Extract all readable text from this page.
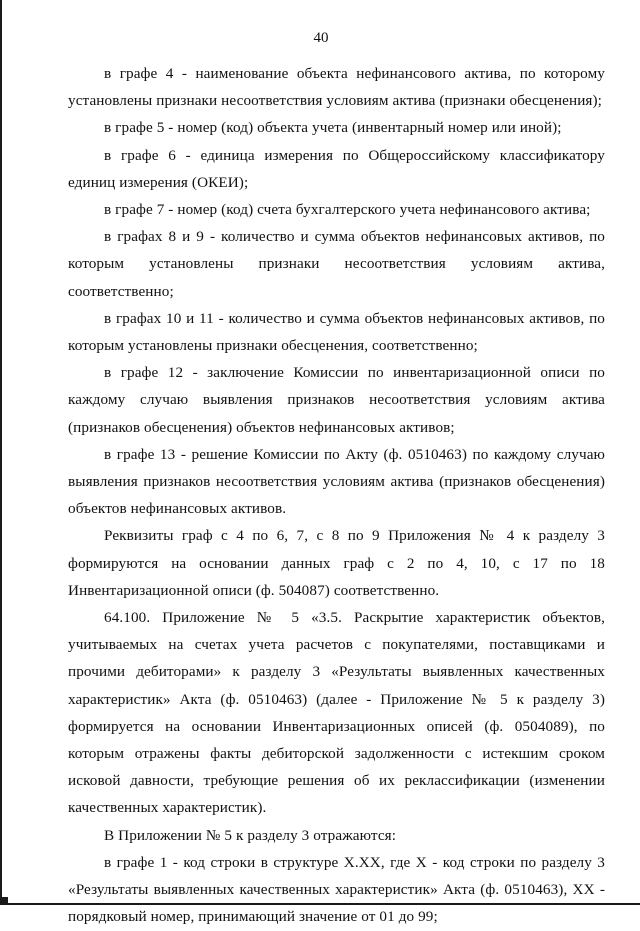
40

в графе 4 - наименование объекта нефинансового актива, по которому установлены признаки несоответствия условиям актива (признаки обесценения);

в графе 5 - номер (код) объекта учета (инвентарный номер или иной);

в графе 6 - единица измерения по Общероссийскому классификатору единиц измерения (ОКЕИ);

в графе 7 - номер (код) счета бухгалтерского учета нефинансового актива;

в графах 8 и 9 - количество и сумма объектов нефинансовых активов, по которым установлены признаки несоответствия условиям актива, соответственно;

в графах 10 и 11 - количество и сумма объектов нефинансовых активов, по которым установлены признаки обесценения, соответственно;

в графе 12 - заключение Комиссии по инвентаризационной описи по каждому случаю выявления признаков несоответствия условиям актива (признаков обесценения) объектов нефинансовых активов;

в графе 13 - решение Комиссии по Акту (ф. 0510463) по каждому случаю выявления признаков несоответствия условиям актива (признаков обесценения) объектов нефинансовых активов.

Реквизиты граф с 4 по 6, 7, с 8 по 9 Приложения № 4 к разделу 3 формируются на основании данных граф с 2 по 4, 10, с 17 по 18 Инвентаризационной описи (ф. 504087) соответственно.

64.100. Приложение № 5 «3.5. Раскрытие характеристик объектов, учитываемых на счетах учета расчетов с покупателями, поставщиками и прочими дебиторами» к разделу 3 «Результаты выявленных качественных характеристик» Акта (ф. 0510463) (далее - Приложение № 5 к разделу 3) формируется на основании Инвентаризационных описей (ф. 0504089), по которым отражены факты дебиторской задолженности с истекшим сроком исковой давности, требующие решения об их реклассификации (изменении качественных характеристик).

В Приложении № 5 к разделу 3 отражаются:

в графе 1 - код строки в структуре X.XX, где X - код строки по разделу 3 «Результаты выявленных качественных характеристик» Акта (ф. 0510463), XX - порядковый номер, принимающий значение от 01 до 99;
